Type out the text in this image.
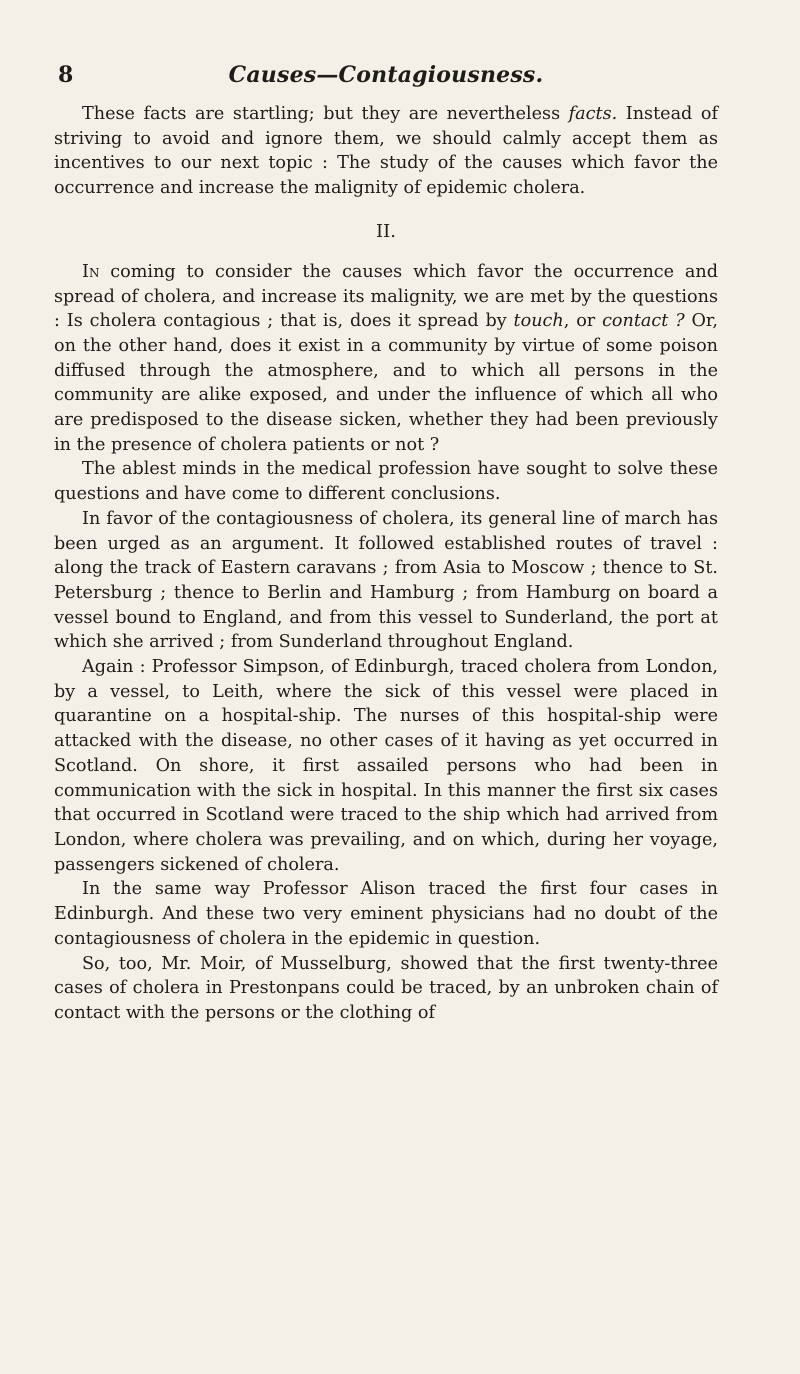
8	Causes—Contagiousness.

These facts are startling; but they are nevertheless facts. Instead of striving to avoid and ignore them, we should calmly accept them as incentives to our next topic : The study of the causes which favor the occurrence and increase the malignity of epidemic cholera.

II.

In coming to consider the causes which favor the occurrence and spread of cholera, and increase its malignity, we are met by the questions : Is cholera contagious ; that is, does it spread by touch, or contact ? Or, on the other hand, does it exist in a community by virtue of some poison diffused through the atmosphere, and to which all persons in the community are alike exposed, and under the influence of which all who are predisposed to the disease sicken, whether they had been previously in the presence of cholera patients or not ?

The ablest minds in the medical profession have sought to solve these questions and have come to different conclusions.

In favor of the contagiousness of cholera, its general line of march has been urged as an argument. It followed established routes of travel : along the track of Eastern caravans ; from Asia to Moscow ; thence to St. Petersburg ; thence to Berlin and Hamburg ; from Hamburg on board a vessel bound to England, and from this vessel to Sunderland, the port at which she arrived ; from Sunderland throughout England.

Again : Professor Simpson, of Edinburgh, traced cholera from London, by a vessel, to Leith, where the sick of this vessel were placed in quarantine on a hospital-ship. The nurses of this hospital-ship were attacked with the disease, no other cases of it having as yet occurred in Scotland. On shore, it first assailed persons who had been in communication with the sick in hospital. In this manner the first six cases that occurred in Scotland were traced to the ship which had arrived from London, where cholera was prevailing, and on which, during her voyage, passengers sickened of cholera.

In the same way Professor Alison traced the first four cases in Edinburgh. And these two very eminent physicians had no doubt of the contagiousness of cholera in the epidemic in question.

So, too, Mr. Moir, of Musselburg, showed that the first twenty-three cases of cholera in Prestonpans could be traced, by an unbroken chain of contact with the persons or the clothing of
